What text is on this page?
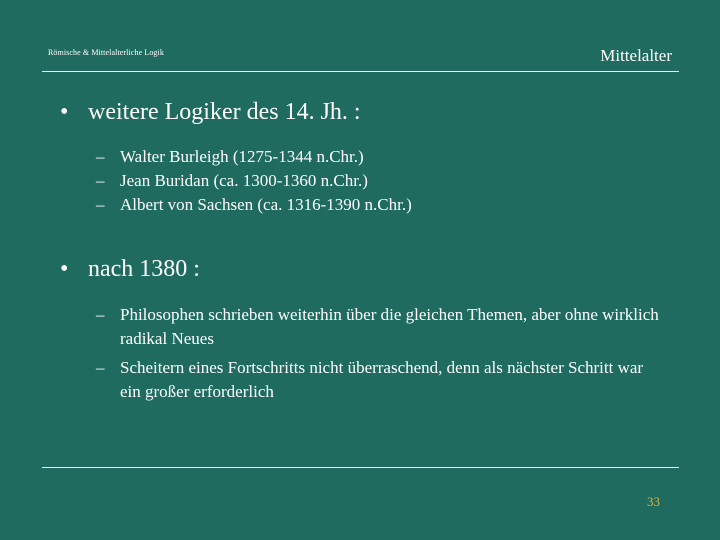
Römische & Mittelalterliche Logik	Mittelalter
• weitere Logiker des 14. Jh. :
– Walter Burleigh (1275-1344 n.Chr.)
– Jean Buridan (ca. 1300-1360 n.Chr.)
– Albert von Sachsen (ca. 1316-1390 n.Chr.)
• nach 1380 :
– Philosophen schrieben weiterhin über die gleichen Themen, aber ohne wirklich radikal Neues
– Scheitern eines Fortschritts nicht überraschend, denn als nächster Schritt war ein großer erforderlich
33
